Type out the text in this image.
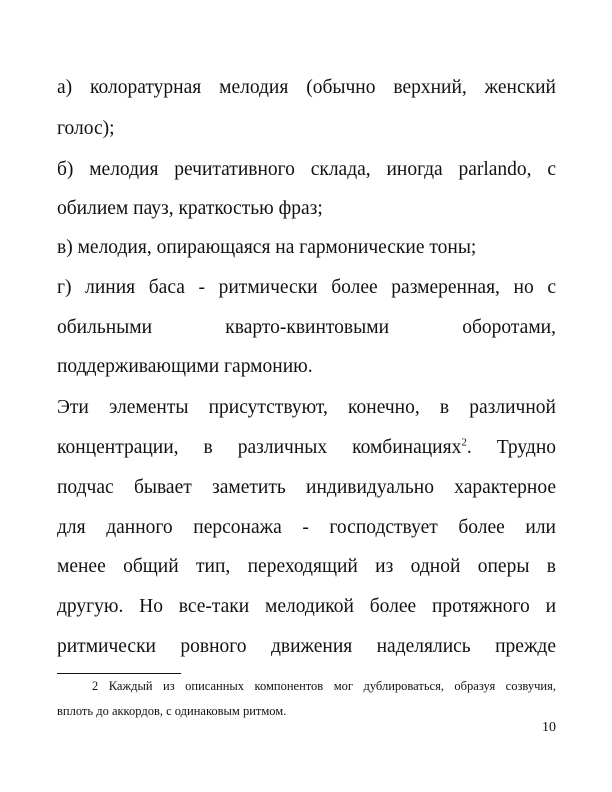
а) колоратурная мелодия (обычно верхний, женский
голос);
б) мелодия речитативного склада, иногда parlando, с
обилием пауз, краткостью фраз;
в) мелодия, опирающаяся на гармонические тоны;
г) линия баса - ритмически более размеренная, но с
обильными кварто-квинтовыми оборотами,
поддерживающими гармонию.
Эти элементы присутствуют, конечно, в различной
концентрации, в различных комбинациях$^2$. Трудно
подчас бывает заметить индивидуально характерное
для данного персонажа - господствует более или
менее общий тип, переходящий из одной оперы в
другую. Но все-таки мелодикой более протяжного и
ритмически ровного движения наделялись прежде
2 Каждый из описанных компонентов мог дублироваться, образуя созвучия,
вплоть до аккордов, с одинаковым ритмом.
10
